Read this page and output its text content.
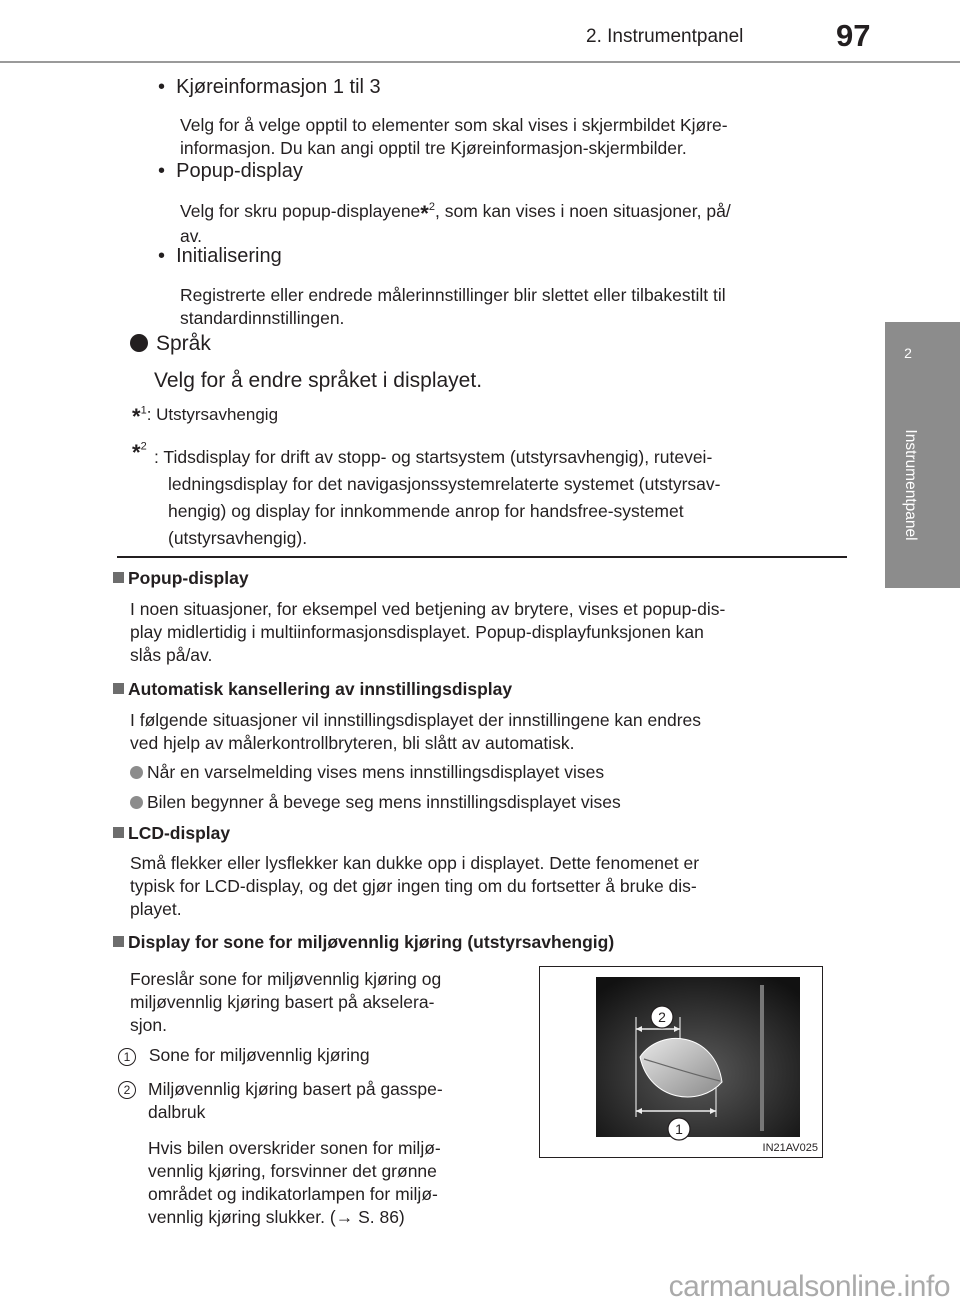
2. Instrumentpanel	97
2
Instrumentpanel
•  Kjøreinformasjon 1 til 3
Velg for å velge opptil to elementer som skal vises i skjermbildet Kjøre-
informasjon. Du kan angi opptil tre Kjøreinformasjon-skjermbilder.
•  Popup-display
Velg for skru popup-displayene*$^2$, som kan vises i noen situasjoner, på/
av.
•  Initialisering
Registrerte eller endrede målerinnstillinger blir slettet eller tilbakestilt til
standardinnstillingen.
Språk
Velg for å endre språket i displayet.
*$^1$: Utstyrsavhengig
*$^2$
: Tidsdisplay for drift av stopp- og startsystem (utstyrsavhengig), rutevei-
ledningsdisplay for det navigasjonssystemrelaterte systemet (utstyrsav-
hengig) og display for innkommende anrop for handsfree-systemet
(utstyrsavhengig).
Popup-display
I noen situasjoner, for eksempel ved betjening av brytere, vises et popup-dis-
play midlertidig i multiinformasjonsdisplayet. Popup-displayfunksjonen kan
slås på/av.
Automatisk kansellering av innstillingsdisplay
I følgende situasjoner vil innstillingsdisplayet der innstillingene kan endres
ved hjelp av målerkontrollbryteren, bli slått av automatisk.
Når en varselmelding vises mens innstillingsdisplayet vises
Bilen begynner å bevege seg mens innstillingsdisplayet vises
LCD-display
Små flekker eller lysflekker kan dukke opp i displayet. Dette fenomenet er
typisk for LCD-display, og det gjør ingen ting om du fortsetter å bruke dis-
playet.
Display for sone for miljøvennlig kjøring (utstyrsavhengig)
Foreslår sone for miljøvennlig kjøring og
miljøvennlig kjøring basert på akselera-
sjon.
1 Sone for miljøvennlig kjøring
2	Miljøvennlig kjøring basert på gasspe-
dalbruk
Hvis bilen overskrider sonen for miljø-
vennlig kjøring, forsvinner det grønne
området og indikatorlampen for miljø-
vennlig kjøring slukker. (→ S. 86)
2
1
IN21AV025
carmanualsonline.info
